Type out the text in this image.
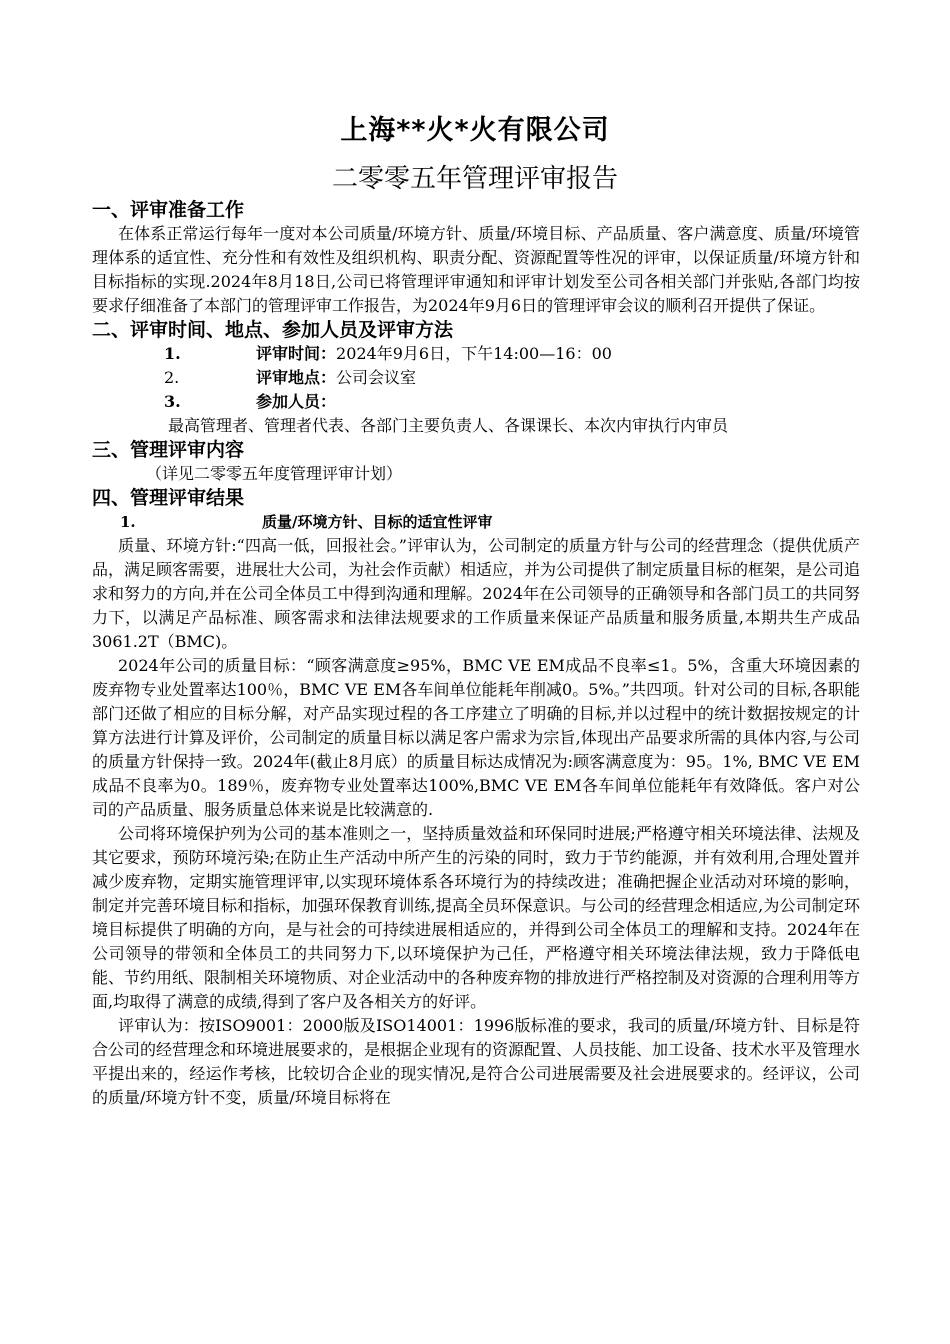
上海**火*火有限公司
二零零五年管理评审报告

一、评审准备工作

在体系正常运行每年一度对本公司质量/环境方针、质量/环境目标、产品质量、客户满意度、质量/环境管理体系的适宜性、充分性和有效性及组织机构、职责分配、资源配置等性况的评审，以保证质量/环境方针和目标指标的实现.2024年8月18日,公司已将管理评审通知和评审计划发至公司各相关部门并张贴,各部门均按要求仔细准备了本部门的管理评审工作报告，为2024年9月6日的管理评审会议的顺利召开提供了保证。

二、评审时间、地点、参加人员及评审方法

1.	评审时间：2024年9月6日，下午14:00—16：00

2.	评审地点：公司会议室

3.	参加人员：

最高管理者、管理者代表、各部门主要负责人、各课课长、本次内审执行内审员

三、管理评审内容

（详见二零零五年度管理评审计划）

四、管理评审结果

1.	质量/环境方针、目标的适宜性评审

质量、环境方针:“四高一低，回报社会。”评审认为，公司制定的质量方针与公司的经营理念（提供优质产品，满足顾客需要，进展壮大公司，为社会作贡献）相适应，并为公司提供了制定质量目标的框架，是公司追求和努力的方向,并在公司全体员工中得到沟通和理解。2024年在公司领导的正确领导和各部门员工的共同努力下，以满足产品标准、顾客需求和法律法规要求的工作质量来保证产品质量和服务质量,本期共生产成品3061.2T（BMC)。

2024年公司的质量目标：“顾客满意度≥95%，BMC VE EM成品不良率≤1。5%，含重大环境因素的废弃物专业处置率达100％，BMC VE EM各车间单位能耗年削减0。5%。”共四项。针对公司的目标,各职能部门还做了相应的目标分解，对产品实现过程的各工序建立了明确的目标,并以过程中的统计数据按规定的计算方法进行计算及评价，公司制定的质量目标以满足客户需求为宗旨,体现出产品要求所需的具体内容,与公司的质量方针保持一致。2024年(截止8月底）的质量目标达成情况为:顾客满意度为：95。1%, BMC VE EM成品不良率为0。189％，废弃物专业处置率达100%,BMC VE EM各车间单位能耗年有效降低。客户对公司的产品质量、服务质量总体来说是比较满意的.

公司将环境保护列为公司的基本准则之一，坚持质量效益和环保同时进展;严格遵守相关环境法律、法规及其它要求，预防环境污染;在防止生产活动中所产生的污染的同时，致力于节约能源，并有效利用,合理处置并减少废弃物，定期实施管理评审,以实现环境体系各环境行为的持续改进；准确把握企业活动对环境的影响，制定并完善环境目标和指标，加强环保教育训练,提高全员环保意识。与公司的经营理念相适应,为公司制定环境目标提供了明确的方向，是与社会的可持续进展相适应的，并得到公司全体员工的理解和支持。2024年在公司领导的带领和全体员工的共同努力下,以环境保护为己任，严格遵守相关环境法律法规，致力于降低电能、节约用纸、限制相关环境物质、对企业活动中的各种废弃物的排放进行严格控制及对资源的合理利用等方面,均取得了满意的成绩,得到了客户及各相关方的好评。

评审认为：按ISO9001：2000版及ISO14001：1996版标准的要求，我司的质量/环境方针、目标是符合公司的经营理念和环境进展要求的，是根据企业现有的资源配置、人员技能、加工设备、技术水平及管理水平提出来的，经运作考核，比较切合企业的现实情况,是符合公司进展需要及社会进展要求的。经评议，公司的质量/环境方针不变，质量/环境目标将在
